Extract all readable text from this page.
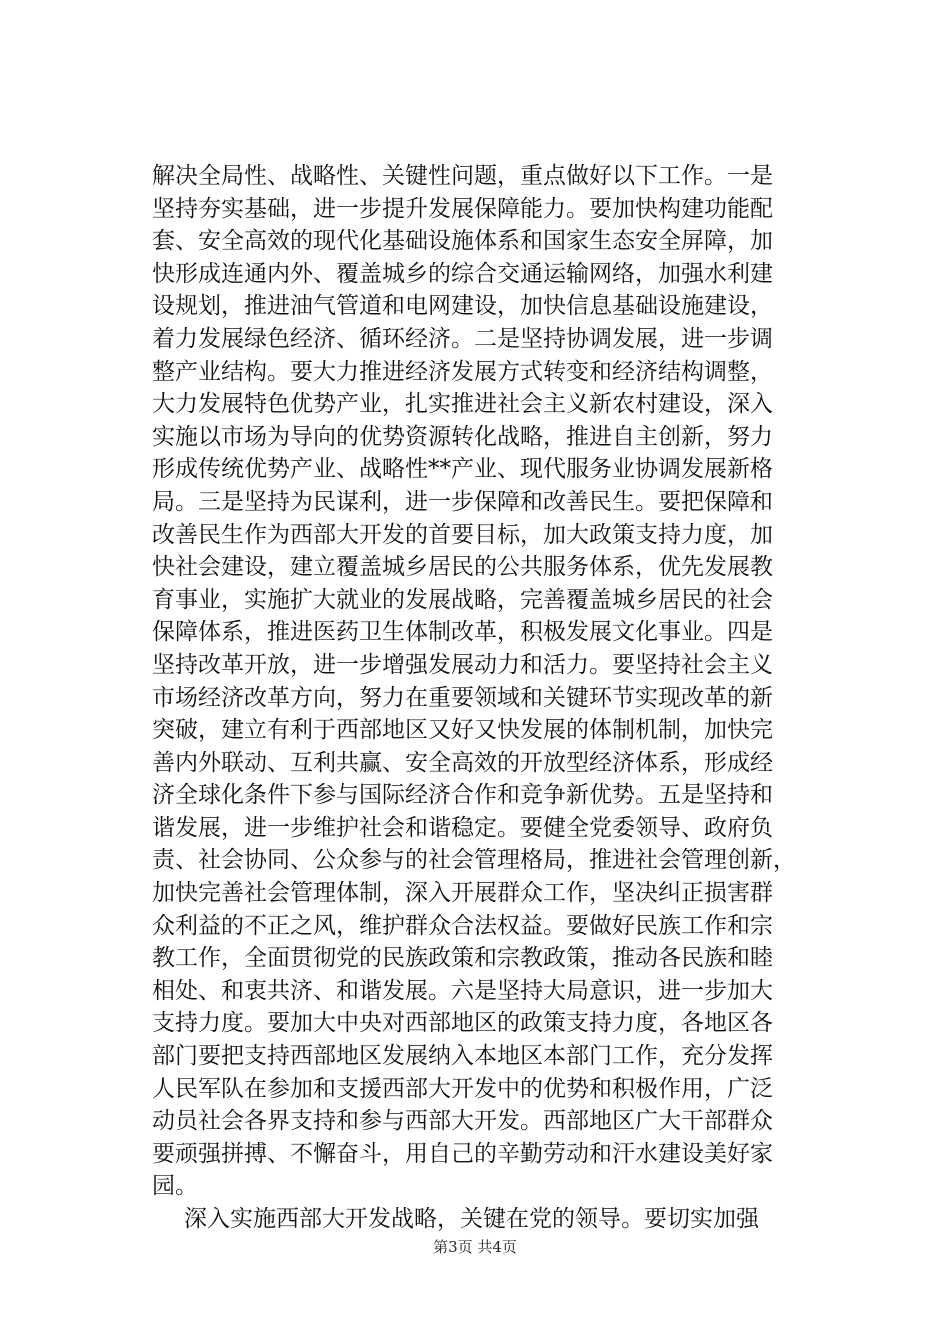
解决全局性、战略性、关键性问题，重点做好以下工作。一是
坚持夯实基础，进一步提升发展保障能力。要加快构建功能配
套、安全高效的现代化基础设施体系和国家生态安全屏障，加
快形成连通内外、覆盖城乡的综合交通运输网络，加强水利建
设规划，推进油气管道和电网建设，加快信息基础设施建设，
着力发展绿色经济、循环经济。二是坚持协调发展，进一步调
整产业结构。要大力推进经济发展方式转变和经济结构调整，
大力发展特色优势产业，扎实推进社会主义新农村建设，深入
实施以市场为导向的优势资源转化战略，推进自主创新，努力
形成传统优势产业、战略性**产业、现代服务业协调发展新格
局。三是坚持为民谋利，进一步保障和改善民生。要把保障和
改善民生作为西部大开发的首要目标，加大政策支持力度，加
快社会建设，建立覆盖城乡居民的公共服务体系，优先发展教
育事业，实施扩大就业的发展战略，完善覆盖城乡居民的社会
保障体系，推进医药卫生体制改革，积极发展文化事业。四是
坚持改革开放，进一步增强发展动力和活力。要坚持社会主义
市场经济改革方向，努力在重要领域和关键环节实现改革的新
突破，建立有利于西部地区又好又快发展的体制机制，加快完
善内外联动、互利共赢、安全高效的开放型经济体系，形成经
济全球化条件下参与国际经济合作和竞争新优势。五是坚持和
谐发展，进一步维护社会和谐稳定。要健全党委领导、政府负
责、社会协同、公众参与的社会管理格局，推进社会管理创新，
加快完善社会管理体制，深入开展群众工作，坚决纠正损害群
众利益的不正之风，维护群众合法权益。要做好民族工作和宗
教工作，全面贯彻党的民族政策和宗教政策，推动各民族和睦
相处、和衷共济、和谐发展。六是坚持大局意识，进一步加大
支持力度。要加大中央对西部地区的政策支持力度，各地区各
部门要把支持西部地区发展纳入本地区本部门工作，充分发挥
人民军队在参加和支援西部大开发中的优势和积极作用，广泛
动员社会各界支持和参与西部大开发。西部地区广大干部群众
要顽强拼搏、不懈奋斗，用自己的辛勤劳动和汗水建设美好家
园。
深入实施西部大开发战略，关键在党的领导。要切实加强
第3页 共4页
